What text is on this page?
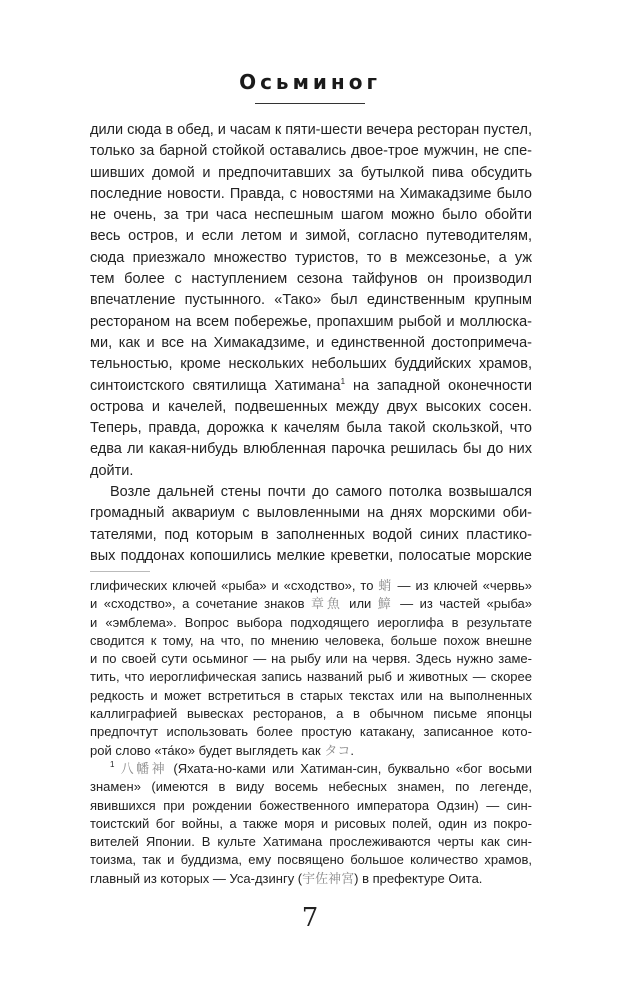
Осьминог
дили сюда в обед, и часам к пяти-шести вечера ресторан пустел,
только за барной стойкой оставались двое-трое мужчин, не спе-
шивших домой и предпочитавших за бутылкой пива обсудить
последние новости. Правда, с новостями на Химакадзиме было
не очень, за три часа неспешным шагом можно было обойти
весь остров, и если летом и зимой, согласно путеводителям,
сюда приезжало множество туристов, то в межсезонье, а уж
тем более с наступлением сезона тайфунов он производил
впечатление пустынного. «Тако» был единственным крупным
рестораном на всем побережье, пропахшим рыбой и моллюска-
ми, как и все на Химакадзиме, и единственной достопримеча-
тельностью, кроме нескольких небольших буддийских храмов,
синтоистского святилища Хатимана$^1$ на западной оконечности
острова и качелей, подвешенных между двух высоких сосен.
Теперь, правда, дорожка к качелям была такой скользкой, что
едва ли какая-нибудь влюбленная парочка решилась бы до них
дойти.
Возле дальней стены почти до самого потолка возвышался
громадный аквариум с выловленными на днях морскими оби-
тателями, под которым в заполненных водой синих пластико-
вых поддонах копошились мелкие креветки, полосатые морские
глифических ключей «рыба» и «сходство», то 蛸 — из ключей «червь»
и «сходство», а сочетание знаков 章魚 или 鱆 — из частей «рыба»
и «эмблема». Вопрос выбора подходящего иероглифа в результате
сводится к тому, на что, по мнению человека, больше похож внешне
и по своей сути осьминог — на рыбу или на червя. Здесь нужно заме-
тить, что иероглифическая запись названий рыб и животных — скорее
редкость и может встретиться в старых текстах или на выполненных
каллиграфией вывесках ресторанов, а в обычном письме японцы
предпочтут использовать более простую катакану, записанное кото-
рой слово «та́ко» будет выглядеть как タコ.
$^1$ 八幡神 (Яхата-но-ками или Хатиман-син, буквально «бог восьми
знамен» (имеются в виду восемь небесных знамен, по легенде,
явившихся при рождении божественного императора Одзин) — син-
тоистский бог войны, а также моря и рисовых полей, один из покро-
вителей Японии. В культе Хатимана прослеживаются черты как син-
тоизма, так и буддизма, ему посвящено большое количество храмов,
главный из которых — Уса-дзингу (宇佐神宮) в префектуре Оита.
7
